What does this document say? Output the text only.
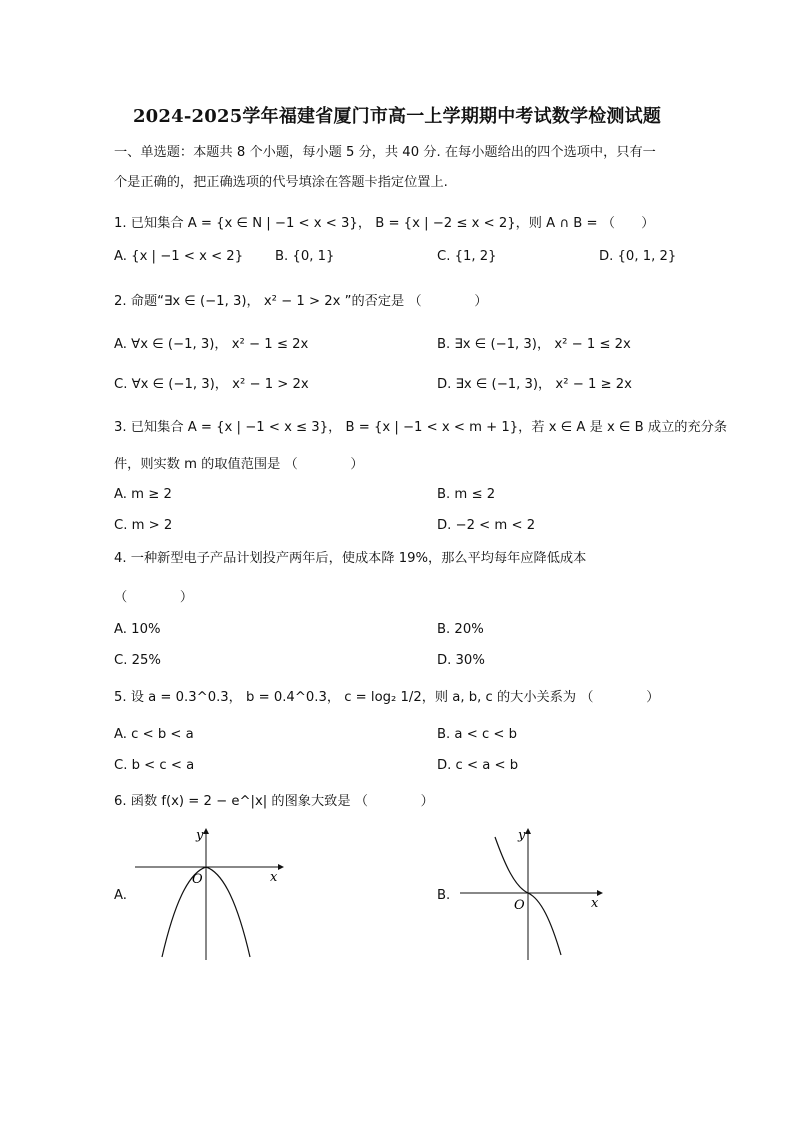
2024-2025学年福建省厦门市高一上学期期中考试数学检测试题
一、单选题：本题共 8 个小题，每小题 5 分，共 40 分. 在每小题给出的四个选项中，只有一
个是正确的，把正确选项的代号填涂在答题卡指定位置上.
1. 已知集合 A = {x ∈ N | −1 < x < 3}， B = {x | −2 ≤ x < 2}，则 A ∩ B = （　　）
A. {x | −1 < x < 2} B. {0, 1}	C. {1, 2}	D. {0, 1, 2}
2. 命题“∃x ∈ (−1, 3)， x² − 1 > 2x ”的否定是 （　　　　）
A. ∀x ∈ (−1, 3)， x² − 1 ≤ 2x	B. ∃x ∈ (−1, 3)， x² − 1 ≤ 2x
C. ∀x ∈ (−1, 3)， x² − 1 > 2x	D. ∃x ∈ (−1, 3)， x² − 1 ≥ 2x
3. 已知集合 A = {x | −1 < x ≤ 3}， B = {x | −1 < x < m + 1}，若 x ∈ A 是 x ∈ B 成立的充分条
件，则实数 m 的取值范围是 （　　　　）
A. m ≥ 2	B. m ≤ 2
C. m > 2	D. −2 < m < 2
4. 一种新型电子产品计划投产两年后，使成本降 19%，那么平均每年应降低成本
（　　　　）
A. 10%	B. 20%
C. 25%	D. 30%
5. 设 a = 0.3^0.3， b = 0.4^0.3， c = log₂ 1/2，则 a, b, c 的大小关系为 （　　　　）
A. c < b < a	B. a < c < b
C. b < c < a	D. c < a < b
6. 函数 f(x) = 2 − e^|x| 的图象大致是 （　　　　）
A.	B.
O	x
y
O	x
y
